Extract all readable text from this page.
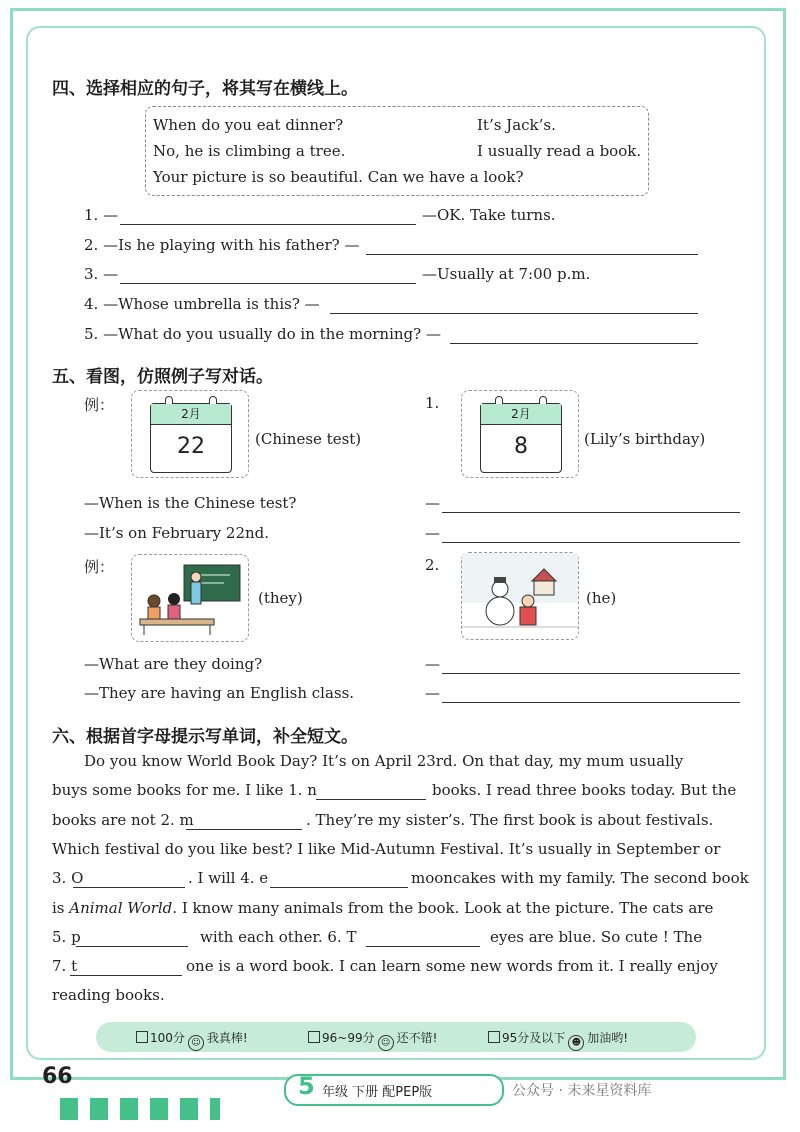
四、选择相应的句子，将其写在横线上。
When do you eat dinner?	It’s Jack’s.
No, he is climbing a tree.	I usually read a book.
Your picture is so beautiful. Can we have a look?
1. —	—OK. Take turns.
2. —Is he playing with his father? —
3. —	—Usually at 7:00 p.m.
4. —Whose umbrella is this? —
5. —What do you usually do in the morning? —
五、看图，仿照例子写对话。
例：	2月
22	(Chinese test)
1.
2月
8	(Lily’s birthday)
—When is the Chinese test?
—It’s on February 22nd.
—
—
例：
(they)
2.
(he)
—What are they doing?
—They are having an English class.
—
—
六、根据首字母提示写单词，补全短文。
Do you know World Book Day? It’s on April 23rd. On that day, my mum usually
buys some books for me. I like 1. n	books. I read three books today. But the
books are not 2. m	. They’re my sister’s. The first book is about festivals.
Which festival do you like best? I like Mid-Autumn Festival. It’s usually in September or
3. O	. I will 4. e	mooncakes with my family. The second book
is Animal World. I know many animals from the book. Look at the picture. The cats are
5. p	with each other. 6. T	eyes are blue. So cute ! The
7. t	one is a word book. I can learn some new words from it. I really enjoy
reading books.
100分 ☺ 我真棒!	96~99分 ☺ 还不错!	95分及以下 ☻ 加油哟!
66	5 年级 下册 配PEP版	公众号 · 未来星资料库
